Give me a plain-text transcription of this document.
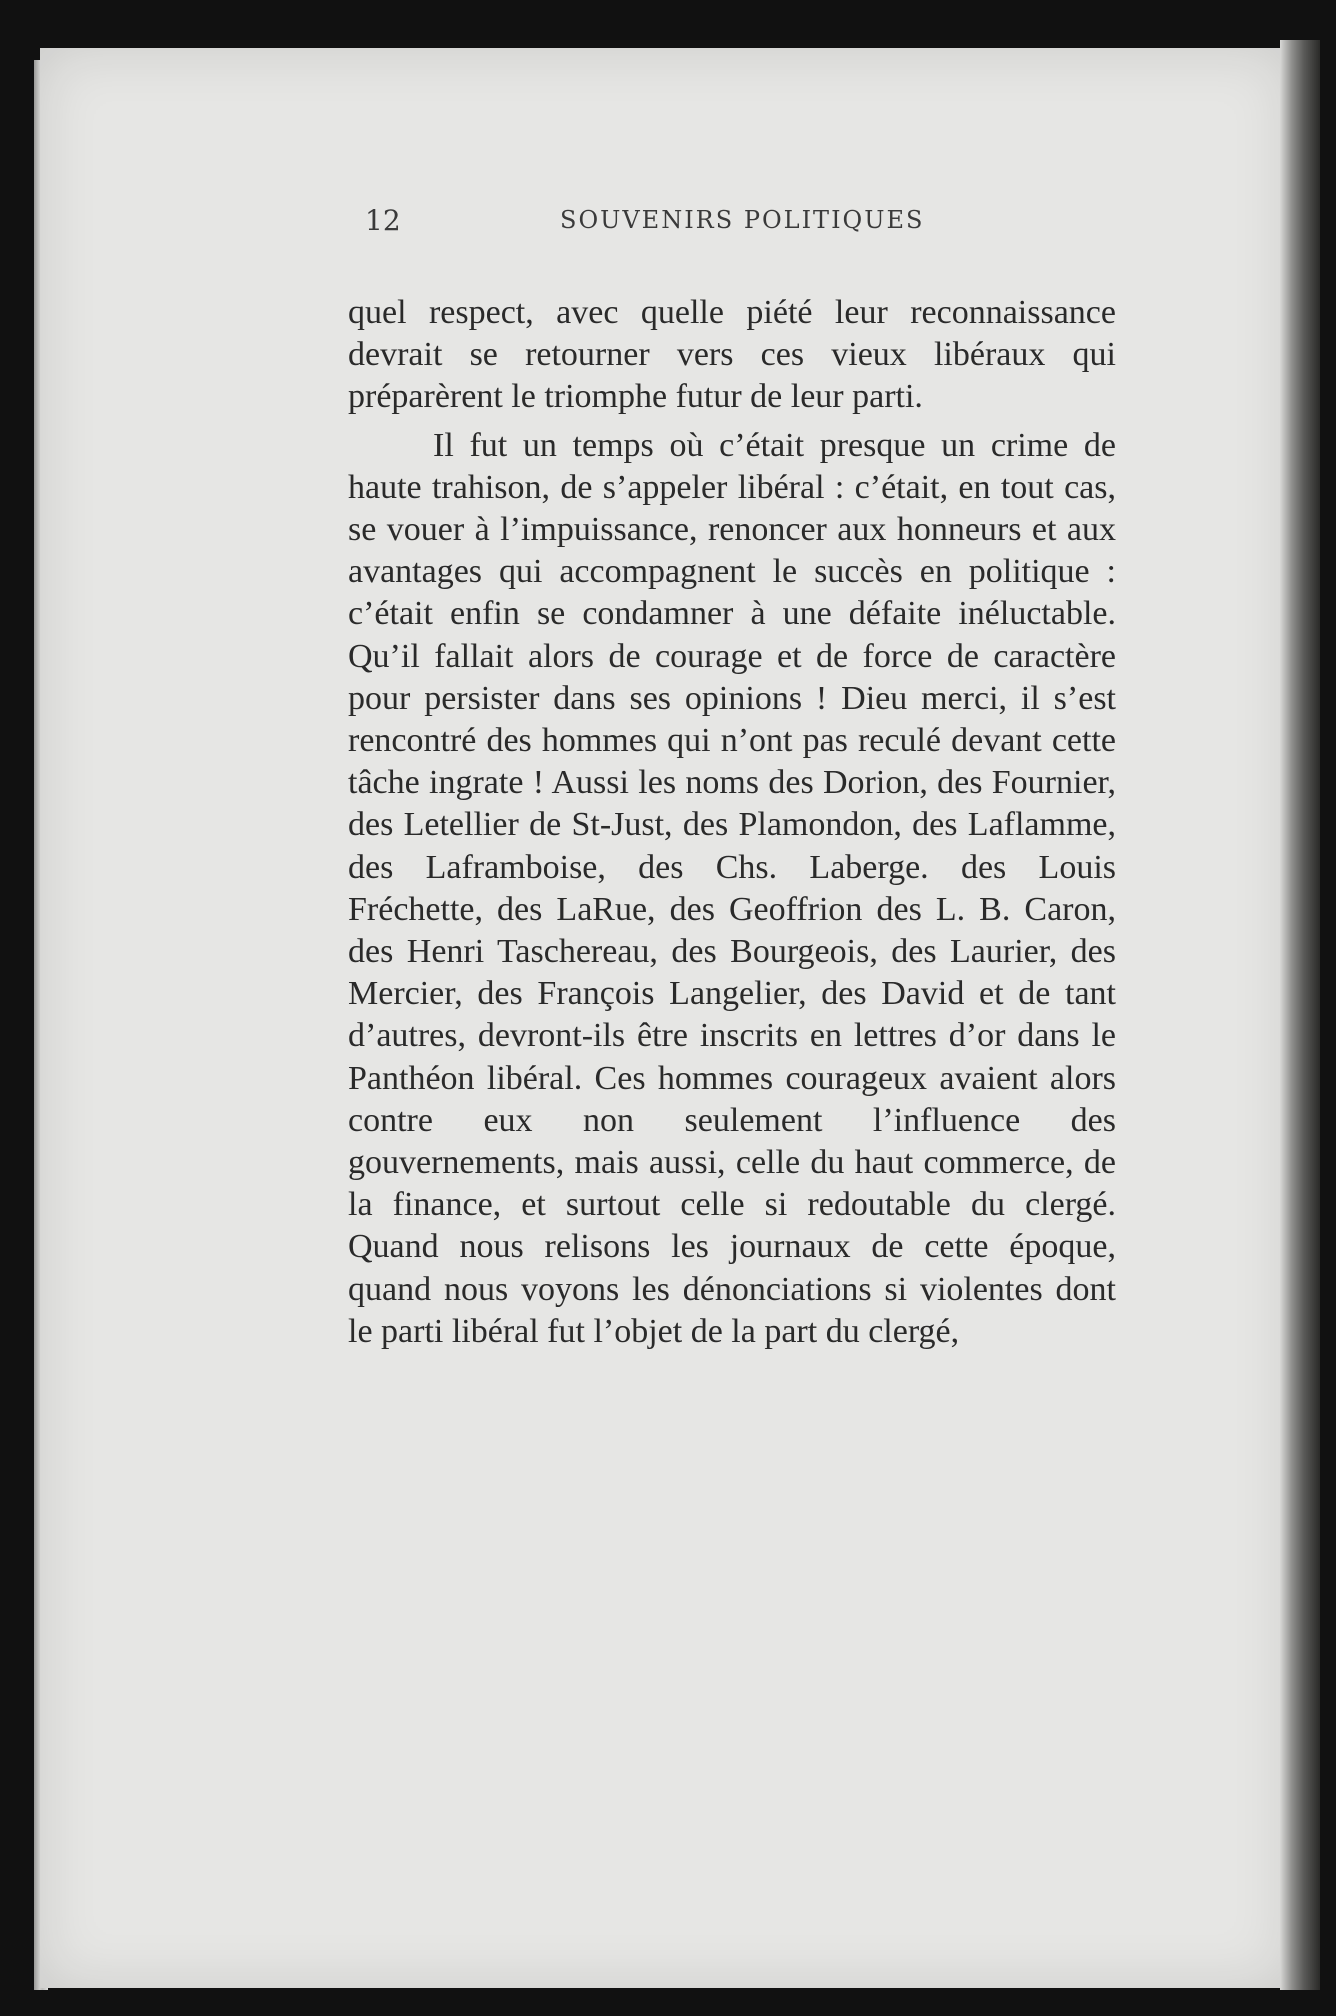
12	SOUVENIRS POLITIQUES

quel respect, avec quelle piété leur reconnaissance devrait se retourner vers ces vieux libéraux qui préparèrent le triomphe futur de leur parti.

Il fut un temps où c’était presque un crime de haute trahison, de s’appeler libéral : c’était, en tout cas, se vouer à l’impuissance, renoncer aux honneurs et aux avantages qui accompagnent le succès en politique : c’était enfin se condamner à une défaite inéluctable. Qu’il fallait alors de courage et de force de caractère pour persister dans ses opinions ! Dieu merci, il s’est rencontré des hommes qui n’ont pas reculé devant cette tâche ingrate ! Aussi les noms des Dorion, des Fournier, des Letellier de St-Just, des Plamondon, des Laflamme, des Laframboise, des Chs. Laberge. des Louis Fréchette, des LaRue, des Geoffrion des L. B. Caron, des Henri Taschereau, des Bourgeois, des Laurier, des Mercier, des François Langelier, des David et de tant d’autres, devront-ils être inscrits en lettres d’or dans le Panthéon libéral. Ces hommes courageux avaient alors contre eux non seulement l’influence des gouvernements, mais aussi, celle du haut commerce, de la finance, et surtout celle si redoutable du clergé. Quand nous relisons les journaux de cette époque, quand nous voyons les dénonciations si violentes dont le parti libéral fut l’objet de la part du clergé,
